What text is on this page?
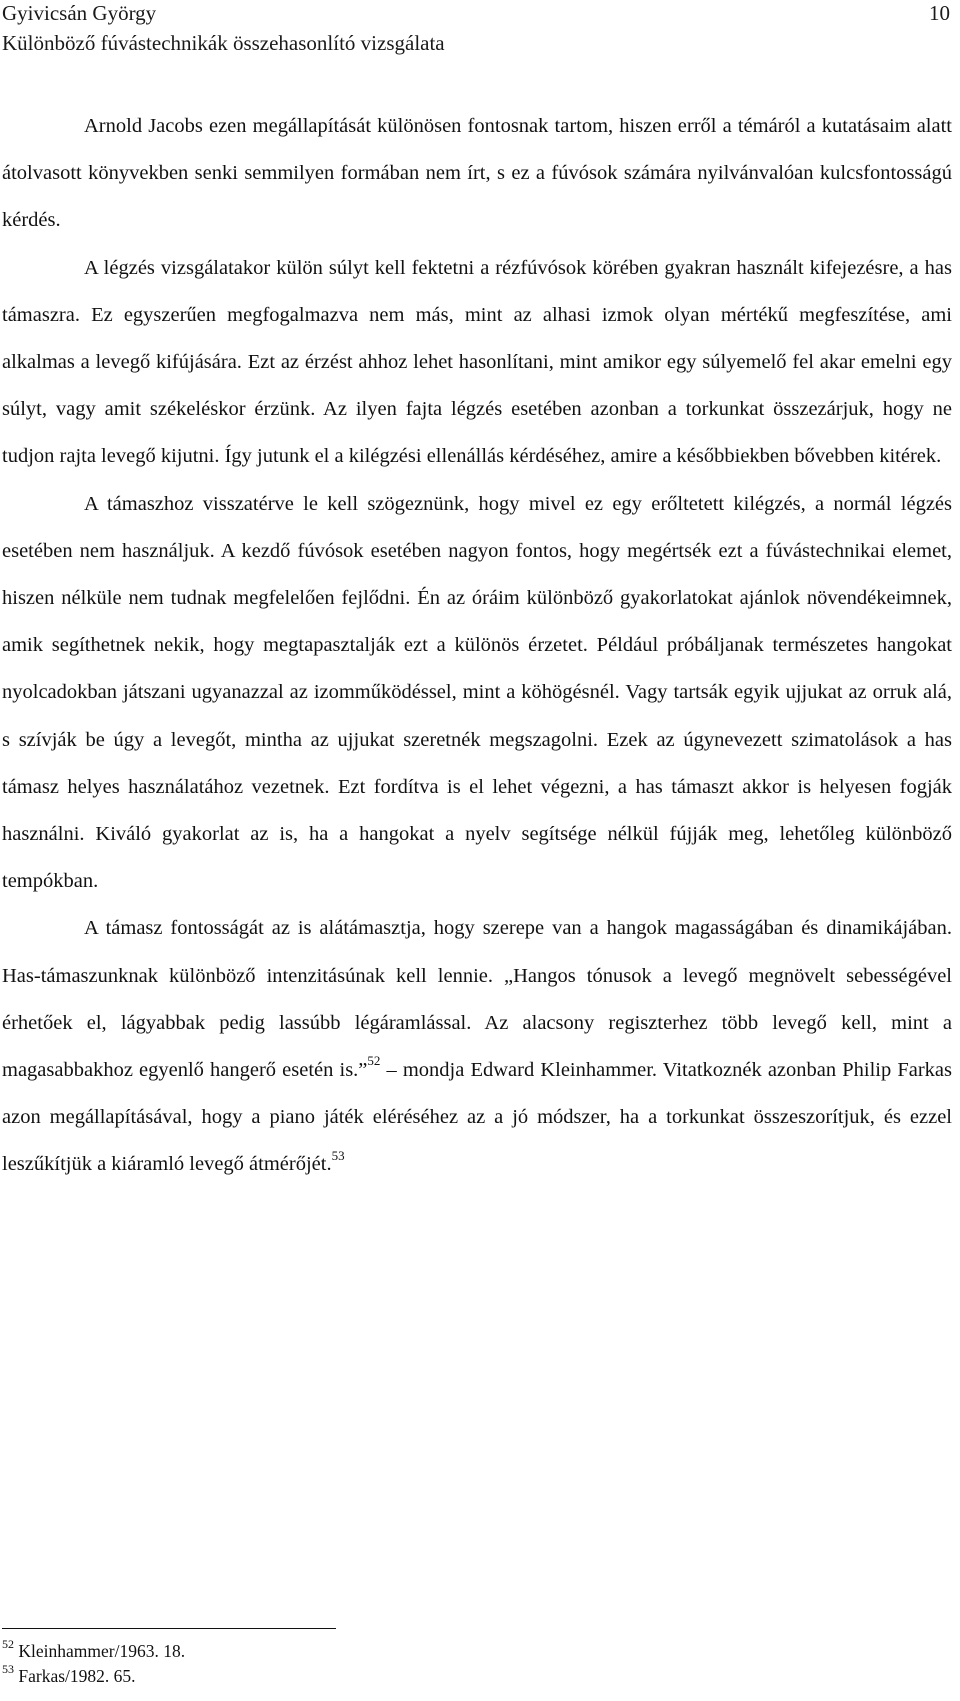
Gyivicsán György
Különböző fúvástechnikák összehasonlító vizsgálata
10

Arnold Jacobs ezen megállapítását különösen fontosnak tartom, hiszen erről a témáról a kutatásaim alatt átolvasott könyvekben senki semmilyen formában nem írt, s ez a fúvósok számára nyilvánvalóan kulcsfontosságú kérdés.

A légzés vizsgálatakor külön súlyt kell fektetni a rézfúvósok körében gyakran használt kifejezésre, a has támaszra. Ez egyszerűen megfogalmazva nem más, mint az alhasi izmok olyan mértékű megfeszítése, ami alkalmas a levegő kifújására. Ezt az érzést ahhoz lehet hasonlítani, mint amikor egy súlyemelő fel akar emelni egy súlyt, vagy amit székeléskor érzünk. Az ilyen fajta légzés esetében azonban a torkunkat összezárjuk, hogy ne tudjon rajta levegő kijutni. Így jutunk el a kilégzési ellenállás kérdéséhez, amire a későbbiekben bővebben kitérek.

A támaszhoz visszatérve le kell szögeznünk, hogy mivel ez egy erőltetett kilégzés, a normál légzés esetében nem használjuk. A kezdő fúvósok esetében nagyon fontos, hogy megértsék ezt a fúvástechnikai elemet, hiszen nélküle nem tudnak megfelelően fejlődni. Én az óráim különböző gyakorlatokat ajánlok növendékeimnek, amik segíthetnek nekik, hogy megtapasztalják ezt a különös érzetet. Például próbáljanak természetes hangokat nyolcadokban játszani ugyanazzal az izomműködéssel, mint a köhögésnél. Vagy tartsák egyik ujjukat az orruk alá, s szívják be úgy a levegőt, mintha az ujjukat szeretnék megszagolni. Ezek az úgynevezett szimatolások a has támasz helyes használatához vezetnek. Ezt fordítva is el lehet végezni, a has támaszt akkor is helyesen fogják használni. Kiváló gyakorlat az is, ha a hangokat a nyelv segítsége nélkül fújják meg, lehetőleg különböző tempókban.

A támasz fontosságát az is alátámasztja, hogy szerepe van a hangok magasságában és dinamikájában. Has-támaszunknak különböző intenzitásúnak kell lennie. „Hangos tónusok a levegő megnövelt sebességével érhetőek el, lágyabbak pedig lassúbb légáramlással. Az alacsony regiszterhez több levegő kell, mint a magasabbakhoz egyenlő hangerő esetén is.”$^{52}$ – mondja Edward Kleinhammer. Vitatkoznék azonban Philip Farkas azon megállapításával, hogy a piano játék eléréséhez az a jó módszer, ha a torkunkat összeszorítjuk, és ezzel leszűkítjük a kiáramló levegő átmérőjét.$^{53}$

$^{52}$ Kleinhammer/1963. 18.
$^{53}$ Farkas/1982. 65.
